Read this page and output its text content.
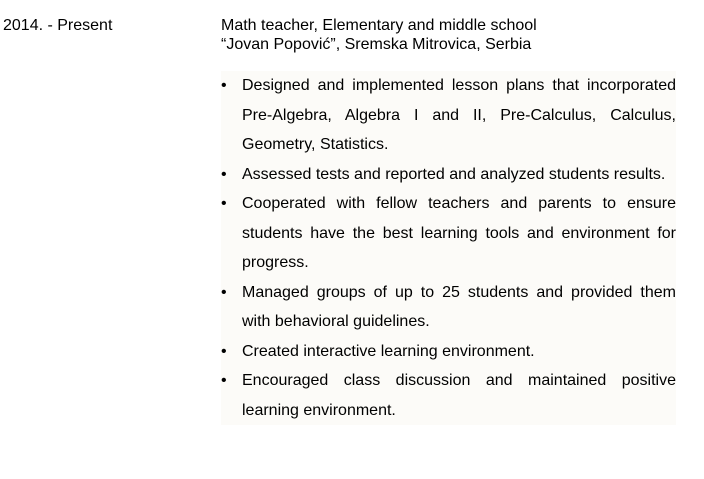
2014. - Present	Math teacher, Elementary and middle school
“Jovan Popović”, Sremska Mitrovica, Serbia
• Designed and implemented lesson plans that incorporated Pre-Algebra, Algebra I and II, Pre-Calculus, Calculus, Geometry, Statistics.
• Assessed tests and reported and analyzed students results.
• Cooperated with fellow teachers and parents to ensure students have the best learning tools and environment for progress.
• Managed groups of up to 25 students and provided them with behavioral guidelines.
• Created interactive learning environment.
• Encouraged class discussion and maintained positive learning environment.
